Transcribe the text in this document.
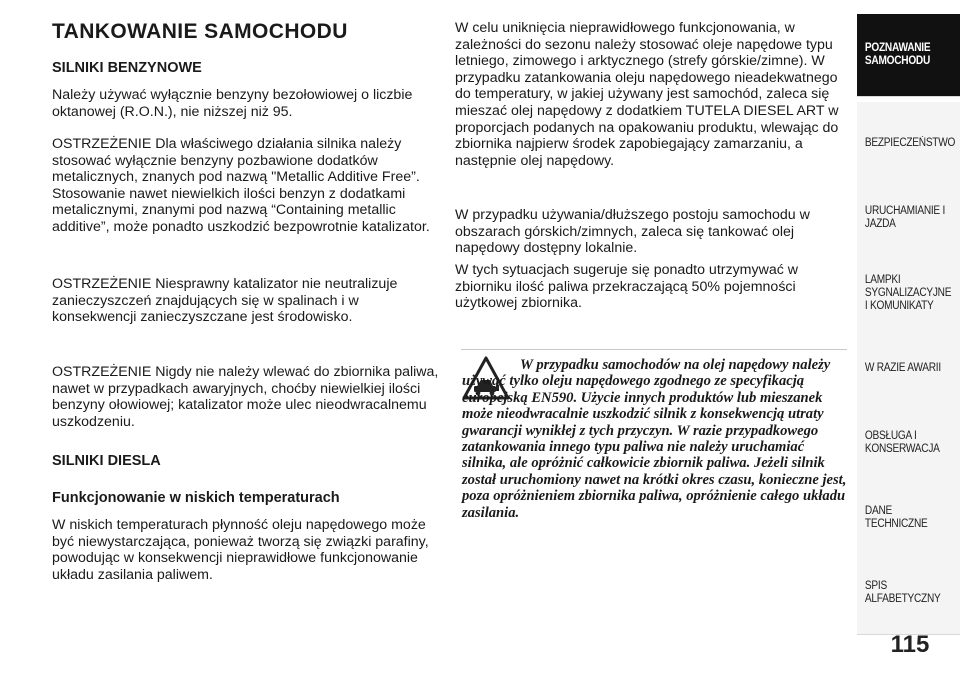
TANKOWANIE SAMOCHODU
SILNIKI BENZYNOWE

Należy używać wyłącznie benzyny bezołowiowej o liczbie oktanowej (R.O.N.), nie niższej niż 95.

OSTRZEŻENIE Dla właściwego działania silnika należy stosować wyłącznie benzyny pozbawione dodatków metalicznych, znanych pod nazwą "Metallic Additive Free”. Stosowanie nawet niewielkich ilości benzyn z dodatkami metalicznymi, znanymi pod nazwą “Containing metallic additive”, może ponadto uszkodzić bezpowrotnie katalizator.

OSTRZEŻENIE Niesprawny katalizator nie neutralizuje zanieczyszczeń znajdujących się w spalinach i w konsekwencji zanieczyszczane jest środowisko.

OSTRZEŻENIE Nigdy nie należy wlewać do zbiornika paliwa, nawet w przypadkach awaryjnych, choćby niewielkiej ilości benzyny ołowiowej; katalizator może ulec nieodwracalnemu uszkodzeniu.

SILNIKI DIESLA
Funkcjonowanie w niskich temperaturach

W niskich temperaturach płynność oleju napędowego może być niewystarczająca, ponieważ tworzą się związki parafiny, powodując w konsekwencji nieprawidłowe funkcjonowanie układu zasilania paliwem.

W celu uniknięcia nieprawidłowego funkcjonowania, w zależności do sezonu należy stosować oleje napędowe typu letniego, zimowego i arktycznego (strefy górskie/zimne). W przypadku zatankowania oleju napędowego nieadekwatnego do temperatury, w jakiej używany jest samochód, zaleca się mieszać olej napędowy z dodatkiem TUTELA DIESEL ART w proporcjach podanych na opakowaniu produktu, wlewając do zbiornika najpierw środek zapobiegający zamarzaniu, a następnie olej napędowy.

W przypadku używania/dłuższego postoju samochodu w obszarach górskich/zimnych, zaleca się tankować olej napędowy dostępny lokalnie.

W tych sytuacjach sugeruje się ponadto utrzymywać w zbiorniku ilość paliwa przekraczającą 50% pojemności użytkowej zbiornika.

W przypadku samochodów na olej napędowy należy używać tylko oleju napędowego zgodnego ze specyfikacją europejską EN590. Użycie innych produktów lub mieszanek może nieodwracalnie uszkodzić silnik z konsekwencją utraty gwarancji wynikłej z tych przyczyn. W razie przypadkowego zatankowania innego typu paliwa nie należy uruchamiać silnika, ale opróżnić całkowicie zbiornik paliwa. Jeżeli silnik został uruchomiony nawet na krótki okres czasu, konieczne jest, poza opróżnieniem zbiornika paliwa, opróżnienie całego układu zasilania.

POZNAWANIE SAMOCHODU
BEZPIECZEŃSTWO
URUCHAMIANIE I JAZDA
LAMPKI SYGNALIZACYJNE I KOMUNIKATY
W RAZIE AWARII
OBSŁUGA I KONSERWACJA
DANE TECHNICZNE
SPIS ALFABETYCZNY
115
